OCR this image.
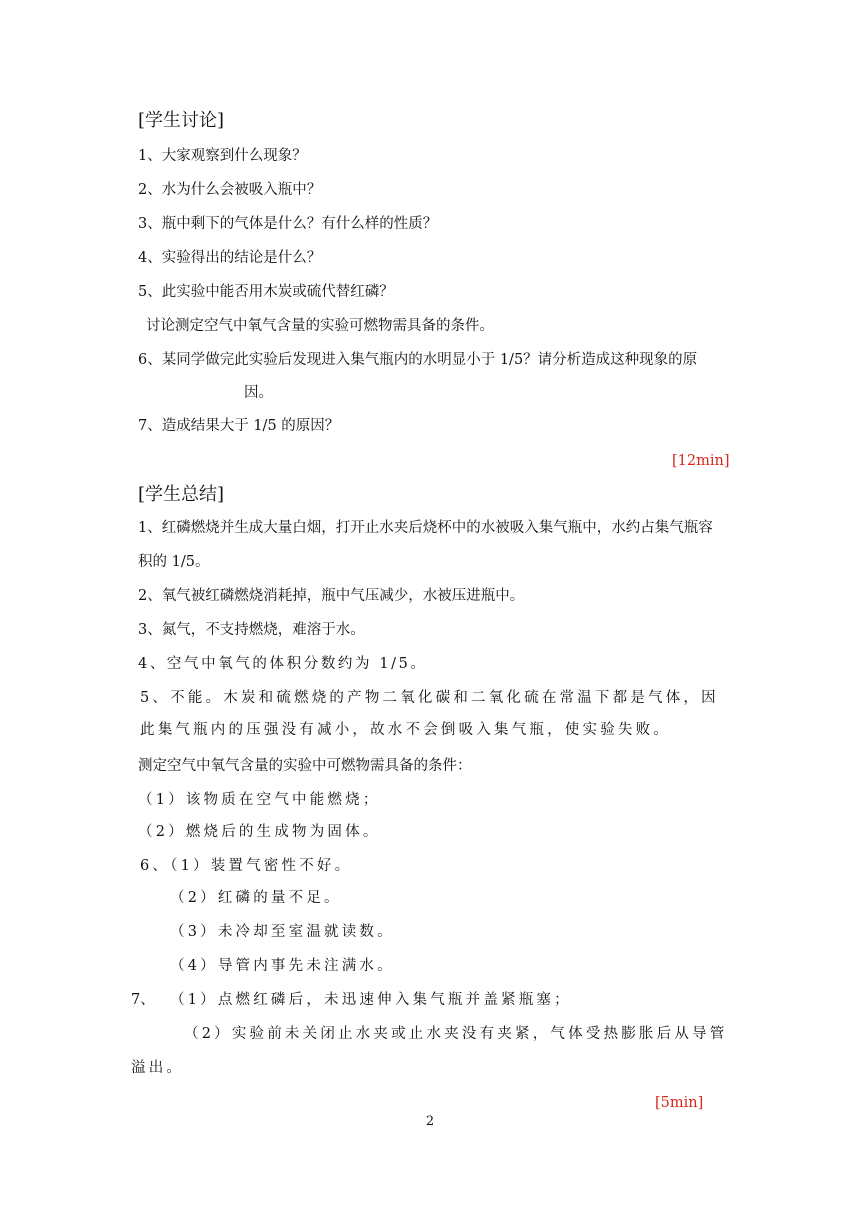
[学生讨论]
1、大家观察到什么现象？
2、水为什么会被吸入瓶中？
3、瓶中剩下的气体是什么？有什么样的性质？
4、实验得出的结论是什么？
5、此实验中能否用木炭或硫代替红磷？
讨论测定空气中氧气含量的实验可燃物需具备的条件。
6、某同学做完此实验后发现进入集气瓶内的水明显小于 1/5？请分析造成这种现象的原
因。
7、造成结果大于 1/5 的原因？
[12min]
[学生总结]
1、红磷燃烧并生成大量白烟，打开止水夹后烧杯中的水被吸入集气瓶中，水约占集气瓶容
积的 1/5。
2、氧气被红磷燃烧消耗掉，瓶中气压减少，水被压进瓶中。
3、氮气，不支持燃烧，难溶于水。
4、空气中氧气的体积分数约为 1/5。
5、不能。木炭和硫燃烧的产物二氧化碳和二氧化硫在常温下都是气体，因
此集气瓶内的压强没有减小，故水不会倒吸入集气瓶，使实验失败。
测定空气中氧气含量的实验中可燃物需具备的条件：
（1）该物质在空气中能燃烧；
（2）燃烧后的生成物为固体。
6、（1）装置气密性不好。
（2）红磷的量不足。
（3）未冷却至室温就读数。
（4）导管内事先未注满水。
7、 （1）点燃红磷后，未迅速伸入集气瓶并盖紧瓶塞；
（2）实验前未关闭止水夹或止水夹没有夹紧，气体受热膨胀后从导管
溢出。
[5min]
2
